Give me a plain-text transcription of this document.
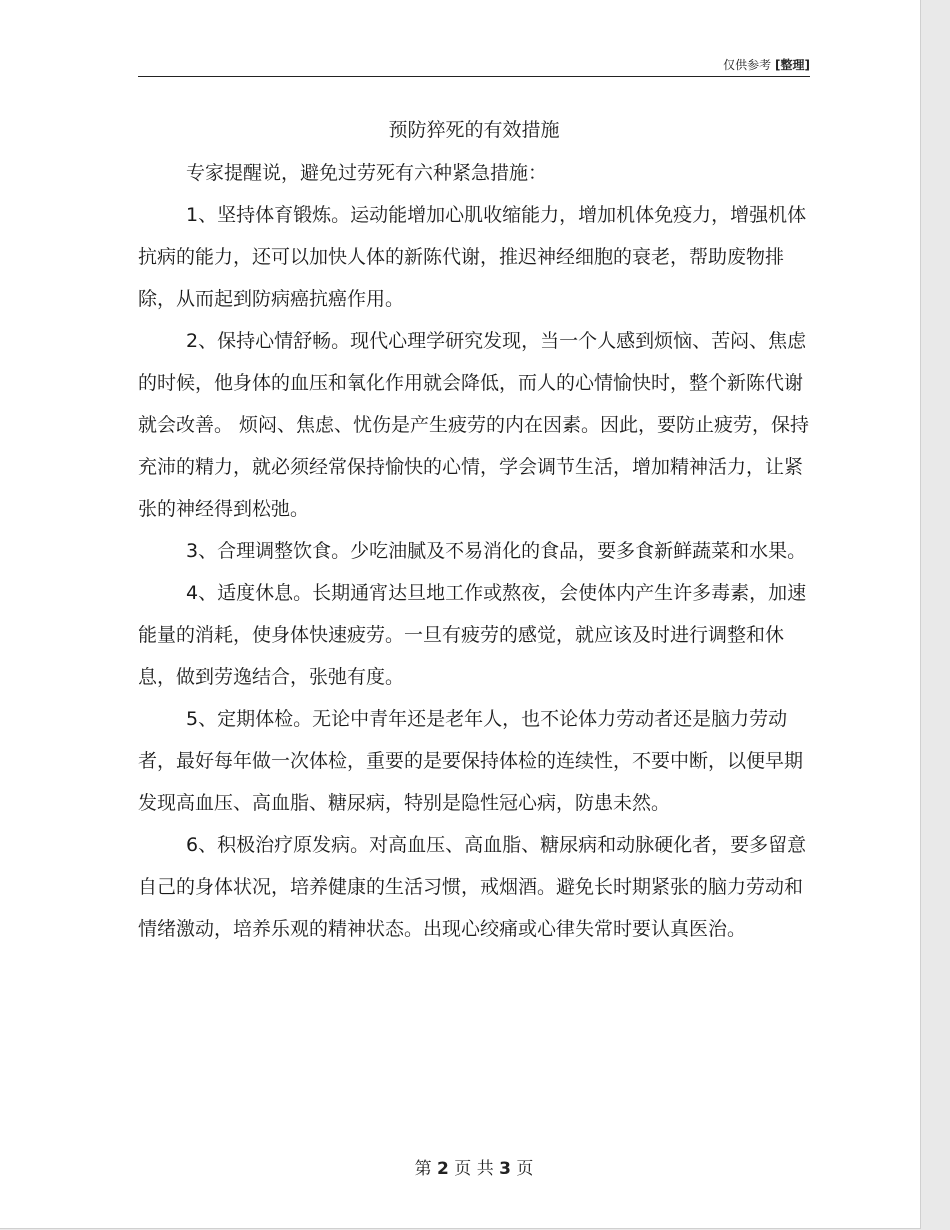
仅供参考 [整理]
预防猝死的有效措施

专家提醒说，避免过劳死有六种紧急措施：

1、坚持体育锻炼。运动能增加心肌收缩能力，增加机体免疫力，增强机体抗病的能力，还可以加快人体的新陈代谢，推迟神经细胞的衰老，帮助废物排除，从而起到防病癌抗癌作用。

2、保持心情舒畅。现代心理学研究发现，当一个人感到烦恼、苦闷、焦虑的时候，他身体的血压和氧化作用就会降低，而人的心情愉快时，整个新陈代谢就会改善。 烦闷、焦虑、忧伤是产生疲劳的内在因素。因此，要防止疲劳，保持充沛的精力，就必须经常保持愉快的心情，学会调节生活，增加精神活力，让紧张的神经得到松弛。

3、合理调整饮食。少吃油腻及不易消化的食品，要多食新鲜蔬菜和水果。

4、适度休息。长期通宵达旦地工作或熬夜，会使体内产生许多毒素，加速能量的消耗，使身体快速疲劳。一旦有疲劳的感觉，就应该及时进行调整和休息，做到劳逸结合，张弛有度。

5、定期体检。无论中青年还是老年人，也不论体力劳动者还是脑力劳动者，最好每年做一次体检，重要的是要保持体检的连续性，不要中断，以便早期发现高血压、高血脂、糖尿病，特别是隐性冠心病，防患未然。

6、积极治疗原发病。对高血压、高血脂、糖尿病和动脉硬化者，要多留意自己的身体状况，培养健康的生活习惯，戒烟酒。避免长时期紧张的脑力劳动和情绪激动，培养乐观的精神状态。出现心绞痛或心律失常时要认真医治。

第 2 页 共 3 页
